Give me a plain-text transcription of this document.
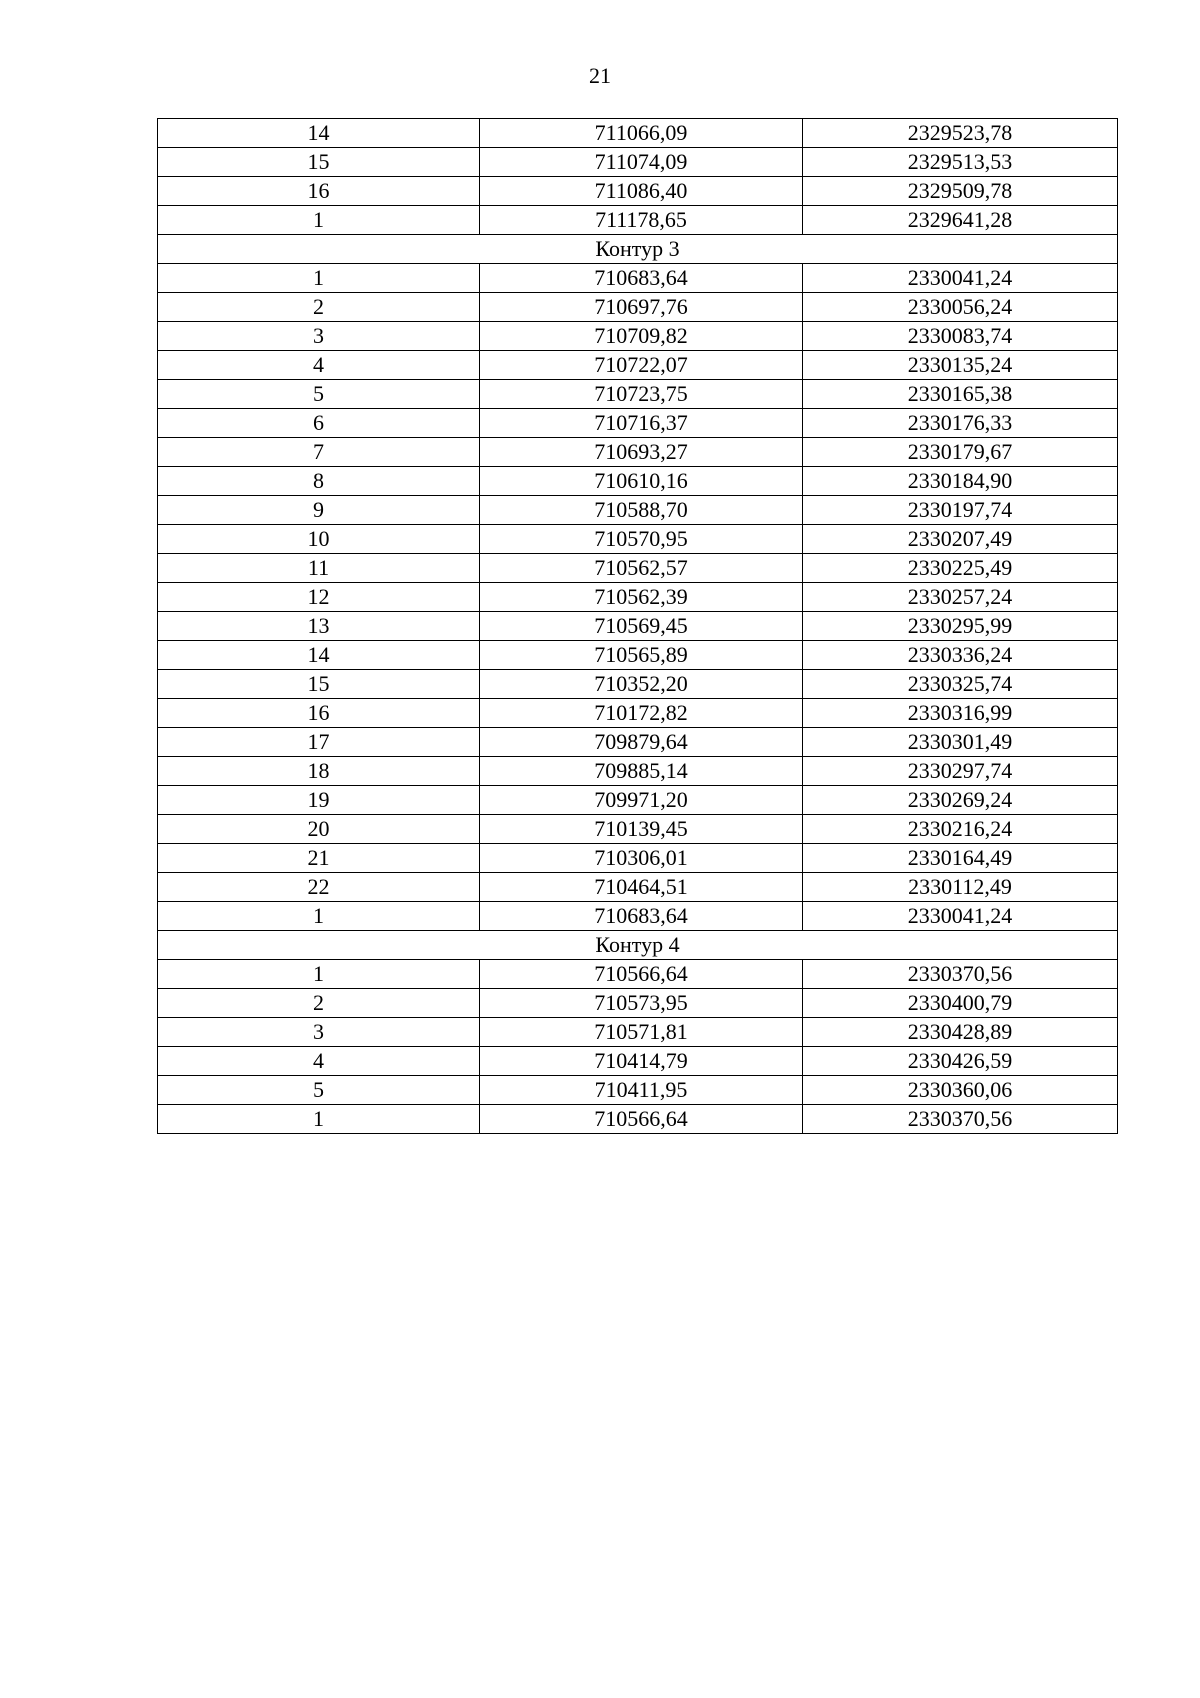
21
14	711066,09	2329523,78
15	711074,09	2329513,53
16	711086,40	2329509,78
1	711178,65	2329641,28
Контур 3		
1	710683,64	2330041,24
2	710697,76	2330056,24
3	710709,82	2330083,74
4	710722,07	2330135,24
5	710723,75	2330165,38
6	710716,37	2330176,33
7	710693,27	2330179,67
8	710610,16	2330184,90
9	710588,70	2330197,74
10	710570,95	2330207,49
11	710562,57	2330225,49
12	710562,39	2330257,24
13	710569,45	2330295,99
14	710565,89	2330336,24
15	710352,20	2330325,74
16	710172,82	2330316,99
17	709879,64	2330301,49
18	709885,14	2330297,74
19	709971,20	2330269,24
20	710139,45	2330216,24
21	710306,01	2330164,49
22	710464,51	2330112,49
1	710683,64	2330041,24
Контур 4		
1	710566,64	2330370,56
2	710573,95	2330400,79
3	710571,81	2330428,89
4	710414,79	2330426,59
5	710411,95	2330360,06
1	710566,64	2330370,56
